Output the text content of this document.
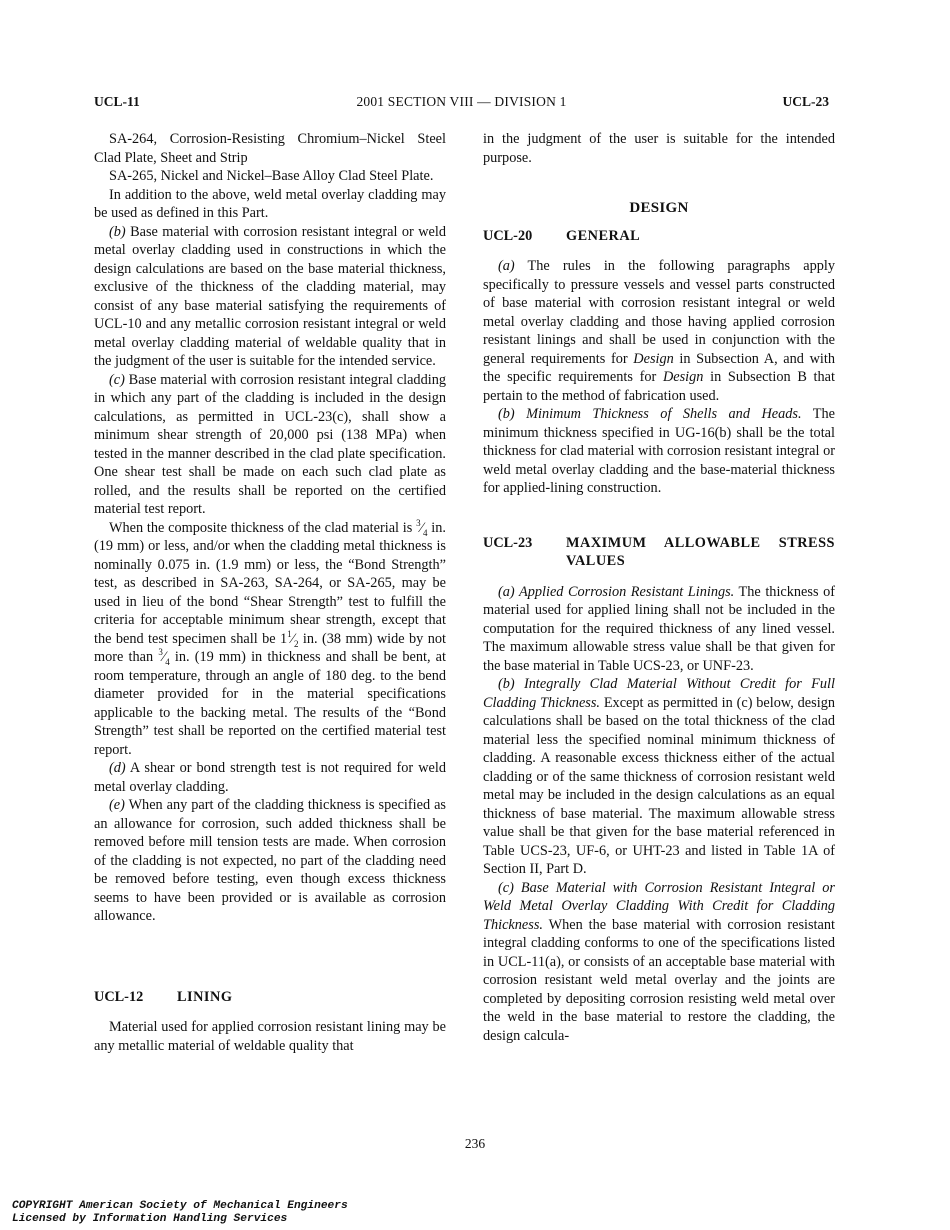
UCL-11	2001 SECTION VIII — DIVISION 1	UCL-23

SA-264, Corrosion-Resisting Chromium–Nickel Steel Clad Plate, Sheet and Strip

SA-265, Nickel and Nickel–Base Alloy Clad Steel Plate.

In addition to the above, weld metal overlay cladding may be used as defined in this Part.

(b) Base material with corrosion resistant integral or weld metal overlay cladding used in constructions in which the design calculations are based on the base material thickness, exclusive of the thickness of the cladding material, may consist of any base material satisfying the requirements of UCL-10 and any metallic corrosion resistant integral or weld metal overlay cladding material of weldable quality that in the judgment of the user is suitable for the intended service.

(c) Base material with corrosion resistant integral cladding in which any part of the cladding is included in the design calculations, as permitted in UCL-23(c), shall show a minimum shear strength of 20,000 psi (138 MPa) when tested in the manner described in the clad plate specification. One shear test shall be made on each such clad plate as rolled, and the results shall be reported on the certified material test report.

When the composite thickness of the clad material is $^3⁄_4$ in. (19 mm) or less, and/or when the cladding metal thickness is nominally 0.075 in. (1.9 mm) or less, the “Bond Strength” test, as described in SA-263, SA-264, or SA-265, may be used in lieu of the bond “Shear Strength” test to fulfill the criteria for acceptable minimum shear strength, except that the bend test specimen shall be $1^1⁄_2$ in. (38 mm) wide by not more than $^3⁄_4$ in. (19 mm) in thickness and shall be bent, at room temperature, through an angle of 180 deg. to the bend diameter provided for in the material specifications applicable to the backing metal. The results of the “Bond Strength” test shall be reported on the certified material test report.

(d) A shear or bond strength test is not required for weld metal overlay cladding.

(e) When any part of the cladding thickness is specified as an allowance for corrosion, such added thickness shall be removed before mill tension tests are made. When corrosion of the cladding is not expected, no part of the cladding need be removed before testing, even though excess thickness seems to have been provided or is available as corrosion allowance.

UCL-12	LINING

Material used for applied corrosion resistant lining may be any metallic material of weldable quality that

in the judgment of the user is suitable for the intended purpose.

DESIGN
UCL-20	GENERAL

(a) The rules in the following paragraphs apply specifically to pressure vessels and vessel parts constructed of base material with corrosion resistant integral or weld metal overlay cladding and those having applied corrosion resistant linings and shall be used in conjunction with the general requirements for Design in Subsection A, and with the specific requirements for Design in Subsection B that pertain to the method of fabrication used.

(b) Minimum Thickness of Shells and Heads. The minimum thickness specified in UG-16(b) shall be the total thickness for clad material with corrosion resistant integral or weld metal overlay cladding and the base-material thickness for applied-lining construction.

UCL-23	MAXIMUM ALLOWABLE STRESS VALUES

(a) Applied Corrosion Resistant Linings. The thickness of material used for applied lining shall not be included in the computation for the required thickness of any lined vessel. The maximum allowable stress value shall be that given for the base material in Table UCS-23, or UNF-23.

(b) Integrally Clad Material Without Credit for Full Cladding Thickness. Except as permitted in (c) below, design calculations shall be based on the total thickness of the clad material less the specified nominal minimum thickness of cladding. A reasonable excess thickness either of the actual cladding or of the same thickness of corrosion resistant weld metal may be included in the design calculations as an equal thickness of base material. The maximum allowable stress value shall be that given for the base material referenced in Table UCS-23, UF-6, or UHT-23 and listed in Table 1A of Section II, Part D.

(c) Base Material with Corrosion Resistant Integral or Weld Metal Overlay Cladding With Credit for Cladding Thickness. When the base material with corrosion resistant integral cladding conforms to one of the specifications listed in UCL-11(a), or consists of an acceptable base material with corrosion resistant weld metal overlay and the joints are completed by depositing corrosion resisting weld metal over the weld in the base material to restore the cladding, the design calcula-

236
COPYRIGHT American Society of Mechanical Engineers
Licensed by Information Handling Services
